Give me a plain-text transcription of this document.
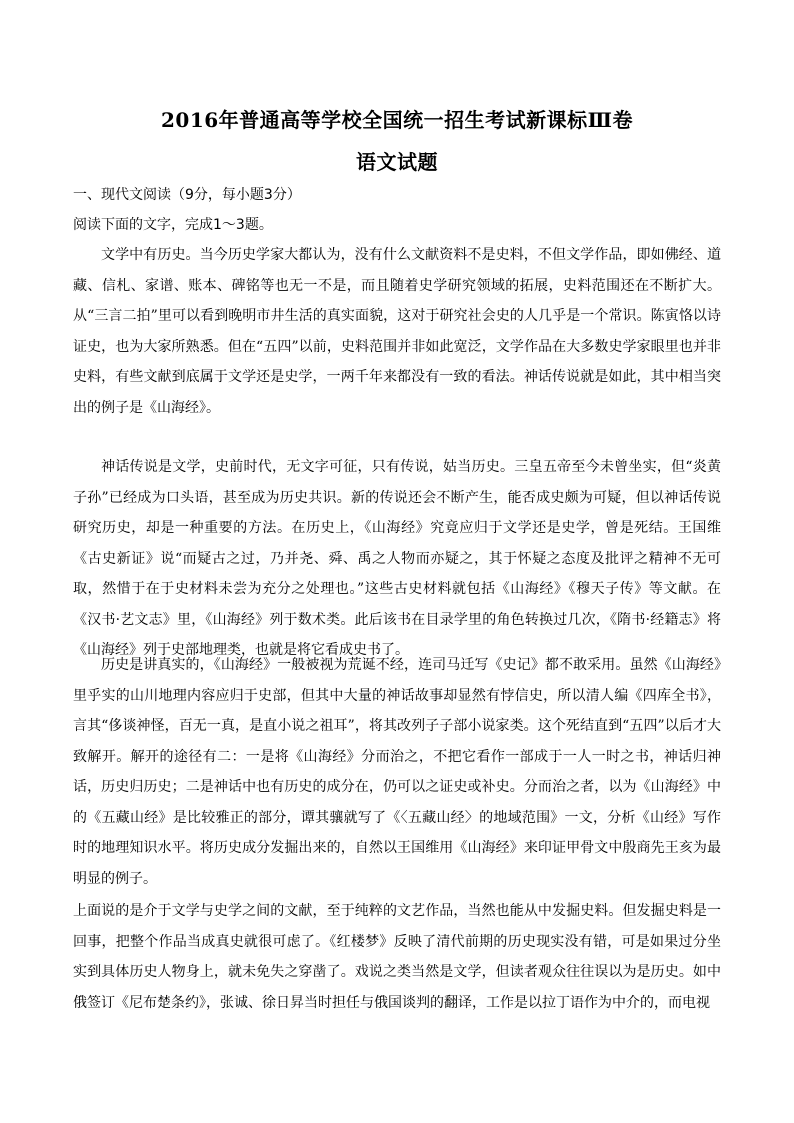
2016年普通高等学校全国统一招生考试新课标Ⅲ卷
语文试题
一、现代文阅读（9分，每小题3分）
阅读下面的文字，完成1～3题。

文学中有历史。当今历史学家大都认为，没有什么文献资料不是史料，不但文学作品，即如佛经、道藏、信札、家谱、账本、碑铭等也无一不是，而且随着史学研究领域的拓展，史料范围还在不断扩大。从“三言二拍”里可以看到晚明市井生活的真实面貌，这对于研究社会史的人几乎是一个常识。陈寅恪以诗证史，也为大家所熟悉。但在“五四”以前，史料范围并非如此宽泛，文学作品在大多数史学家眼里也并非史料，有些文献到底属于文学还是史学，一两千年来都没有一致的看法。神话传说就是如此，其中相当突出的例子是《山海经》。

神话传说是文学，史前时代，无文字可征，只有传说，姑当历史。三皇五帝至今未曾坐实，但“炎黄子孙”已经成为口头语，甚至成为历史共识。新的传说还会不断产生，能否成史颇为可疑，但以神话传说研究历史，却是一种重要的方法。在历史上，《山海经》究竟应归于文学还是史学，曾是死结。王国维《古史新证》说“而疑古之过，乃并尧、舜、禹之人物而亦疑之，其于怀疑之态度及批评之精神不无可取，然惜于在于史材料未尝为充分之处理也。”这些古史材料就包括《山海经》《穆天子传》等文献。在《汉书·艺文志》里，《山海经》列于数术类。此后该书在目录学里的角色转换过几次，《隋书·经籍志》将《山海经》列于史部地理类，也就是将它看成史书了。

历史是讲真实的，《山海经》一般被视为荒诞不经，连司马迁写《史记》都不敢采用。虽然《山海经》里乎实的山川地理内容应归于史部，但其中大量的神话故事却显然有悖信史，所以清人编《四库全书》，言其“侈谈神怪，百无一真，是直小说之祖耳”，将其改列子子部小说家类。这个死结直到“五四”以后才大致解开。解开的途径有二：一是将《山海经》分而治之，不把它看作一部成于一人一时之书，神话归神话，历史归历史；二是神话中也有历史的成分在，仍可以之证史或补史。分而治之者，以为《山海经》中的《五藏山经》是比较雅正的部分，谭其骧就写了《〈五藏山经〉的地域范围》一文，分析《山经》写作时的地理知识水平。将历史成分发掘出来的，自然以王国维用《山海经》来印证甲骨文中殷商先王亥为最明显的例子。

上面说的是介于文学与史学之间的文献，至于纯粹的文艺作品，当然也能从中发掘史料。但发掘史料是一回事，把整个作品当成真史就很可虑了。《红楼梦》反映了清代前期的历史现实没有错，可是如果过分坐实到具体历史人物身上，就未免失之穿凿了。戏说之类当然是文学，但读者观众往往误以为是历史。如中俄签订《尼布楚条约》，张诚、徐日昇当时担任与俄国谈判的翻译，工作是以拉丁语作为中介的，而电视
